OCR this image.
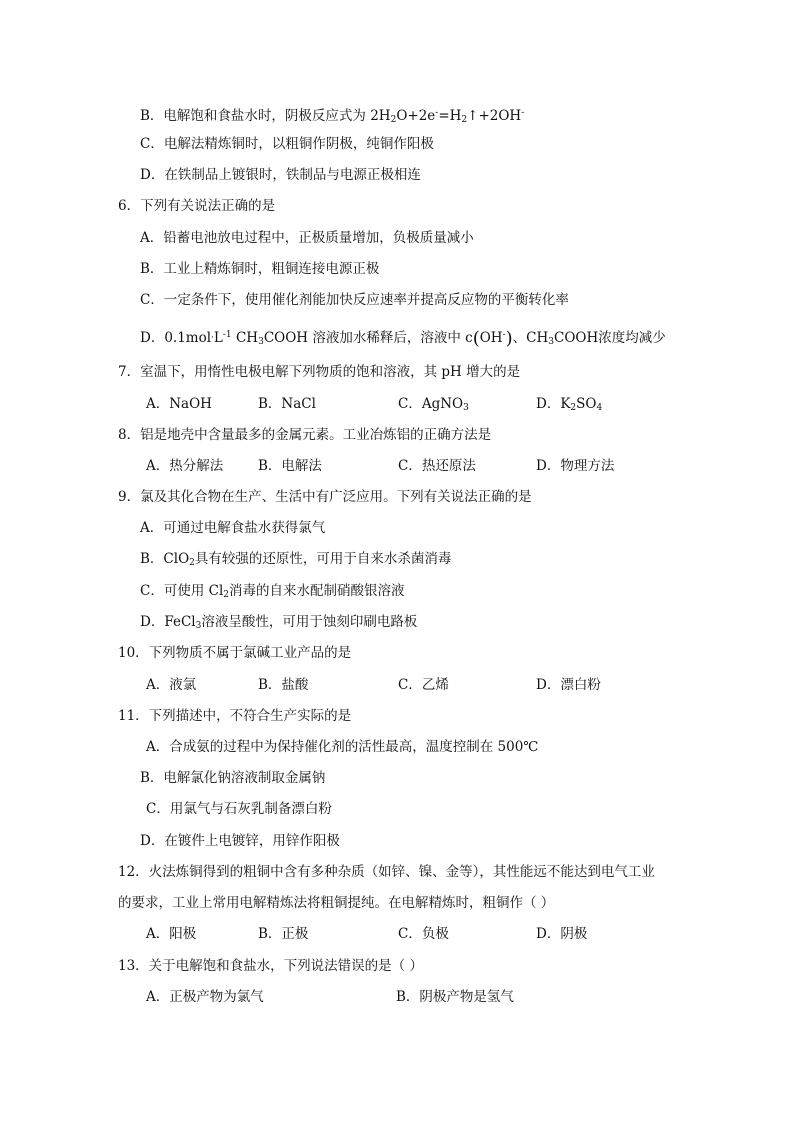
B．电解饱和食盐水时，阴极反应式为 $2H_2O+2e^-=H_2↑+2OH^-$
C．电解法精炼铜时，以粗铜作阴极，纯铜作阳极
D．在铁制品上镀银时，铁制品与电源正极相连
6．下列有关说法正确的是
A．铅蓄电池放电过程中，正极质量增加，负极质量减小
B．工业上精炼铜时，粗铜连接电源正极
C．一定条件下，使用催化剂能加快反应速率并提高反应物的平衡转化率
D．$0.1mol\cdot L^{-1}$ $CH_3COOH$ 溶液加水稀释后，溶液中 c(OH-)、$CH_3COOH$浓度均减少
7．室温下，用惰性电极电解下列物质的饱和溶液，其 pH 增大的是
A．NaOH	B．NaCl	C．AgNO$_3$	D．$K_2SO_4$
8．铝是地壳中含量最多的金属元素。工业冶炼铝的正确方法是
A．热分解法	B．电解法	C．热还原法	D．物理方法
9．氯及其化合物在生产、生活中有广泛应用。下列有关说法正确的是
A．可通过电解食盐水获得氯气
B．ClO$_2$具有较强的还原性，可用于自来水杀菌消毒
C．可使用 $Cl_2$消毒的自来水配制硝酸银溶液
D．FeCl$_3$溶液呈酸性，可用于蚀刻印刷电路板
10．下列物质不属于氯碱工业产品的是
A．液氯	B．盐酸	C．乙烯	D．漂白粉
11．下列描述中，不符合生产实际的是
A．合成氨的过程中为保持催化剂的活性最高，温度控制在 500℃
B．电解氯化钠溶液制取金属钠
C．用氯气与石灰乳制备漂白粉
D．在镀件上电镀锌，用锌作阳极
12．火法炼铜得到的粗铜中含有多种杂质（如锌、镍、金等），其性能远不能达到电气工业
的要求，工业上常用电解精炼法将粗铜提纯。在电解精炼时，粗铜作（ ）
A．阳极	B．正极	C．负极	D．阴极
13．关于电解饱和食盐水，下列说法错误的是（ ）
A．正极产物为氯气	B．阴极产物是氢气
